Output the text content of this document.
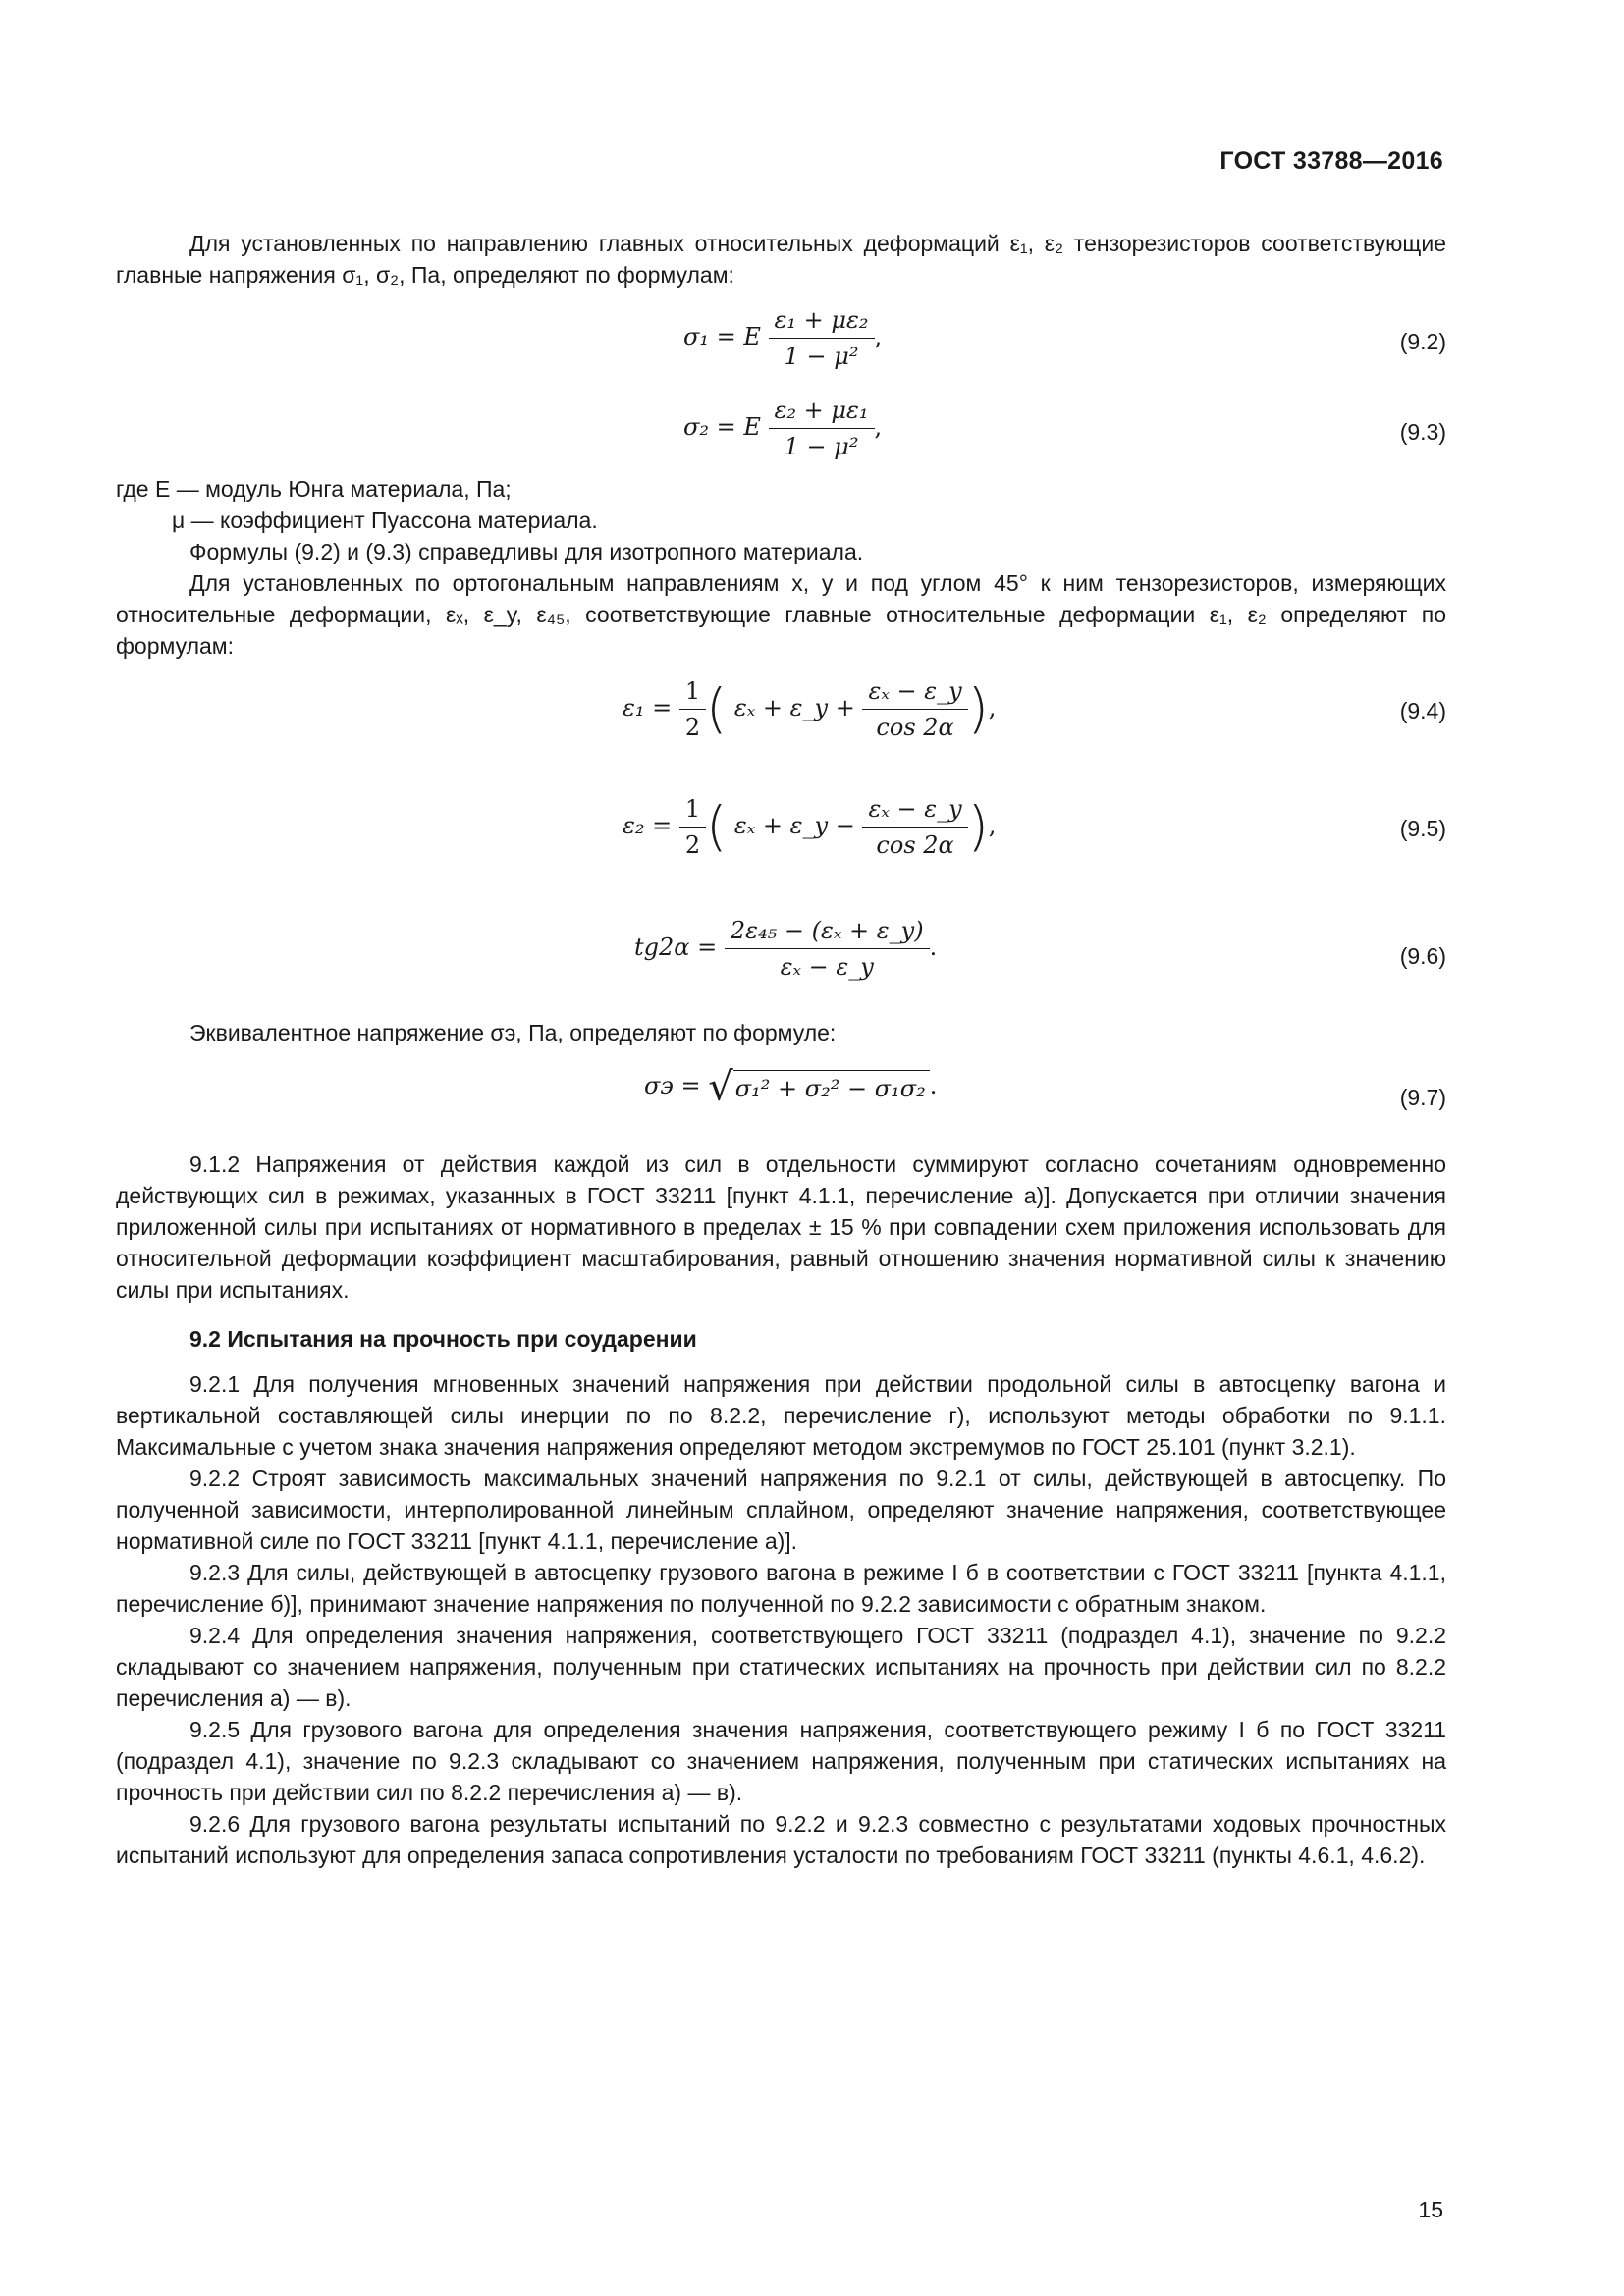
ГОСТ 33788—2016

Для установленных по направлению главных относительных деформаций ε₁, ε₂ тензорезисторов соответствующие главные напряжения σ₁, σ₂, Па, определяют по формулам:

σ₁ = E $\frac{\text{ε₁ + με₂}}{\text{1 − μ²}}$ ,	(9.2)
σ₂ = E $\frac{\text{ε₂ + με₁}}{\text{1 − μ²}}$ ,	(9.3)

где E — модуль Юнга материала, Па;

μ — коэффициент Пуассона материала.

Формулы (9.2) и (9.3) справедливы для изотропного материала.

Для установленных по ортогональным направлениям x, y и под углом 45° к ним тензорезисторов, измеряющих относительные деформации, εₓ, ε_y, ε₄₅, соответствующие главные относительные деформации ε₁, ε₂ определяют по формулам:

$\varepsilon_1 = \frac{1}{2}$ ( εₓ + ε_y + $\frac{\text{εₓ − ε\_y}}{\cos 2\alpha}$ ),	(9.4)
$\varepsilon_2 = \frac{1}{2}$ ( εₓ + ε_y − $\frac{\text{εₓ − ε\_y}}{\cos 2\alpha}$ ),	(9.5)
$tg2\alpha = \frac{\text{2ε₄₅ − (εₓ + ε\_y)}}{\text{εₓ − ε\_y}}$ .	(9.6)

Эквивалентное напряжение σэ, Па, определяют по формуле:

σэ = √σ₁² + σ₂² − σ₁σ₂ .	(9.7)

9.1.2 Напряжения от действия каждой из сил в отдельности суммируют согласно сочетаниям одновременно действующих сил в режимах, указанных в ГОСТ 33211 [пункт 4.1.1, перечисление а)]. Допускается при отличии значения приложенной силы при испытаниях от нормативного в пределах ± 15 % при совпадении схем приложения использовать для относительной деформации коэффициент масштабирования, равный отношению значения нормативной силы к значению силы при испытаниях.

9.2 Испытания на прочность при соударении

9.2.1 Для получения мгновенных значений напряжения при действии продольной силы в автосцепку вагона и вертикальной составляющей силы инерции по по 8.2.2, перечисление г), используют методы обработки по 9.1.1. Максимальные с учетом знака значения напряжения определяют методом экстремумов по ГОСТ 25.101 (пункт 3.2.1).

9.2.2 Строят зависимость максимальных значений напряжения по 9.2.1 от силы, действующей в автосцепку. По полученной зависимости, интерполированной линейным сплайном, определяют значение напряжения, соответствующее нормативной силе по ГОСТ 33211 [пункт 4.1.1, перечисление а)].

9.2.3 Для силы, действующей в автосцепку грузового вагона в режиме I б в соответствии с ГОСТ 33211 [пункта 4.1.1, перечисление б)], принимают значение напряжения по полученной по 9.2.2 зависимости с обратным знаком.

9.2.4 Для определения значения напряжения, соответствующего ГОСТ 33211 (подраздел 4.1), значение по 9.2.2 складывают со значением напряжения, полученным при статических испытаниях на прочность при действии сил по 8.2.2 перечисления а) — в).

9.2.5 Для грузового вагона для определения значения напряжения, соответствующего режиму I б по ГОСТ 33211 (подраздел 4.1), значение по 9.2.3 складывают со значением напряжения, полученным при статических испытаниях на прочность при действии сил по 8.2.2 перечисления а) — в).

9.2.6 Для грузового вагона результаты испытаний по 9.2.2 и 9.2.3 совместно с результатами ходовых прочностных испытаний используют для определения запаса сопротивления усталости по требованиям ГОСТ 33211 (пункты 4.6.1, 4.6.2).

15
